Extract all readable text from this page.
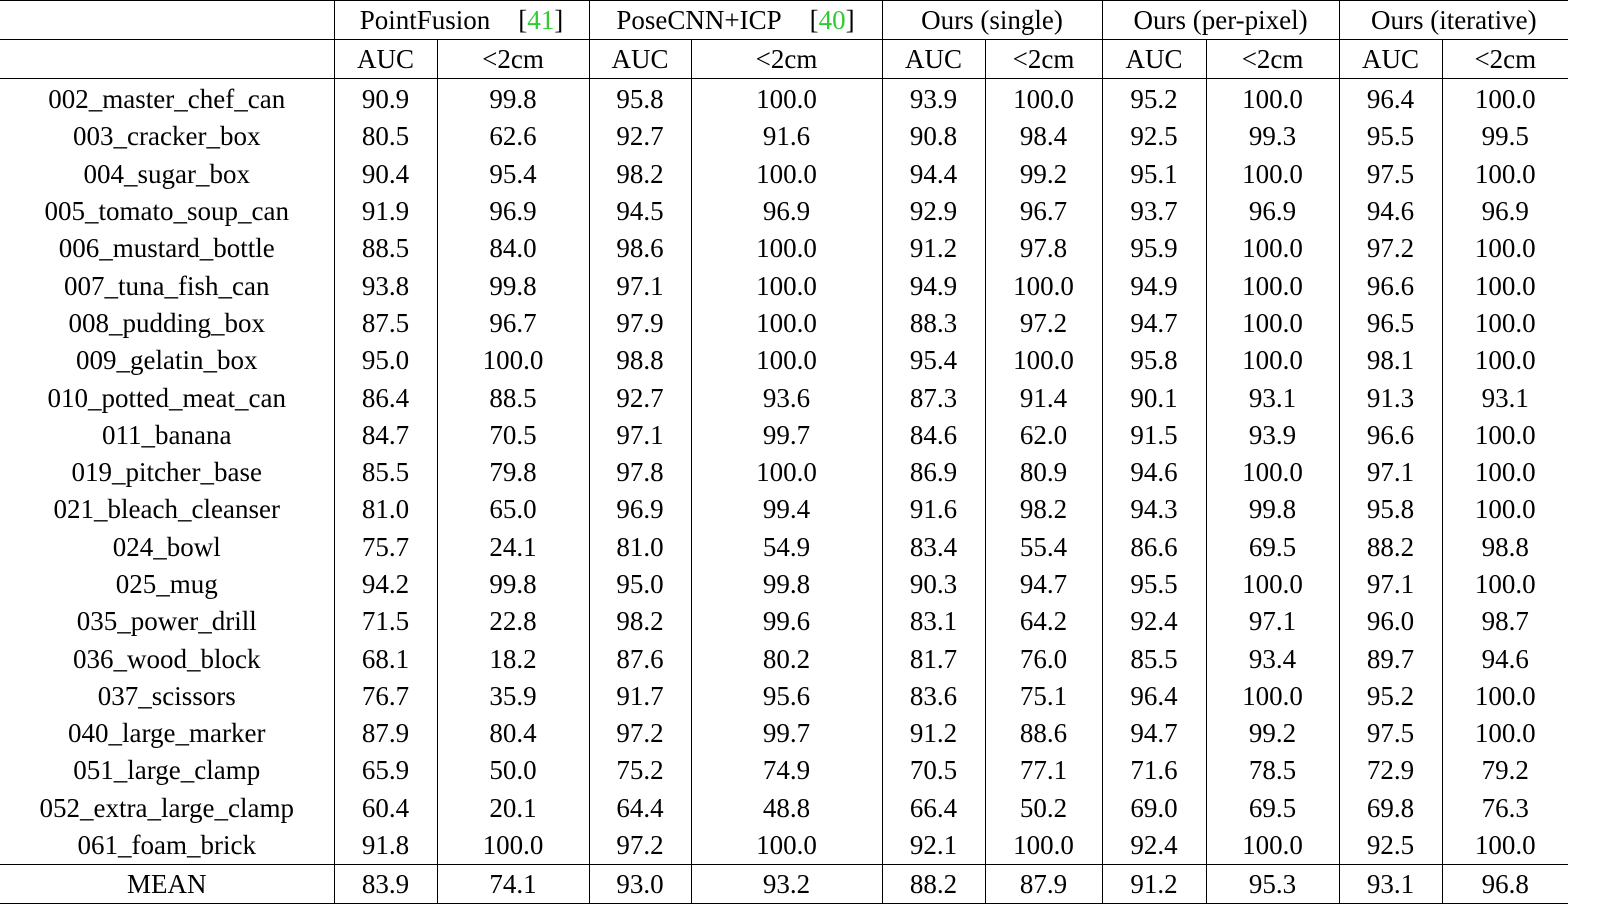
	PointFusion [41]		PoseCNN+ICP [40]		Ours (single)		Ours (per-pixel)		Ours (iterative)	
	AUC	<2cm	AUC	<2cm	AUC	<2cm	AUC	<2cm	AUC	<2cm
002_master_chef_can	90.9	99.8	95.8	100.0	93.9	100.0	95.2	100.0	96.4	100.0
003_cracker_box	80.5	62.6	92.7	91.6	90.8	98.4	92.5	99.3	95.5	99.5
004_sugar_box	90.4	95.4	98.2	100.0	94.4	99.2	95.1	100.0	97.5	100.0
005_tomato_soup_can	91.9	96.9	94.5	96.9	92.9	96.7	93.7	96.9	94.6	96.9
006_mustard_bottle	88.5	84.0	98.6	100.0	91.2	97.8	95.9	100.0	97.2	100.0
007_tuna_fish_can	93.8	99.8	97.1	100.0	94.9	100.0	94.9	100.0	96.6	100.0
008_pudding_box	87.5	96.7	97.9	100.0	88.3	97.2	94.7	100.0	96.5	100.0
009_gelatin_box	95.0	100.0	98.8	100.0	95.4	100.0	95.8	100.0	98.1	100.0
010_potted_meat_can	86.4	88.5	92.7	93.6	87.3	91.4	90.1	93.1	91.3	93.1
011_banana	84.7	70.5	97.1	99.7	84.6	62.0	91.5	93.9	96.6	100.0
019_pitcher_base	85.5	79.8	97.8	100.0	86.9	80.9	94.6	100.0	97.1	100.0
021_bleach_cleanser	81.0	65.0	96.9	99.4	91.6	98.2	94.3	99.8	95.8	100.0
024_bowl	75.7	24.1	81.0	54.9	83.4	55.4	86.6	69.5	88.2	98.8
025_mug	94.2	99.8	95.0	99.8	90.3	94.7	95.5	100.0	97.1	100.0
035_power_drill	71.5	22.8	98.2	99.6	83.1	64.2	92.4	97.1	96.0	98.7
036_wood_block	68.1	18.2	87.6	80.2	81.7	76.0	85.5	93.4	89.7	94.6
037_scissors	76.7	35.9	91.7	95.6	83.6	75.1	96.4	100.0	95.2	100.0
040_large_marker	87.9	80.4	97.2	99.7	91.2	88.6	94.7	99.2	97.5	100.0
051_large_clamp	65.9	50.0	75.2	74.9	70.5	77.1	71.6	78.5	72.9	79.2
052_extra_large_clamp	60.4	20.1	64.4	48.8	66.4	50.2	69.0	69.5	69.8	76.3
061_foam_brick	91.8	100.0	97.2	100.0	92.1	100.0	92.4	100.0	92.5	100.0
MEAN	83.9	74.1	93.0	93.2	88.2	87.9	91.2	95.3	93.1	96.8
